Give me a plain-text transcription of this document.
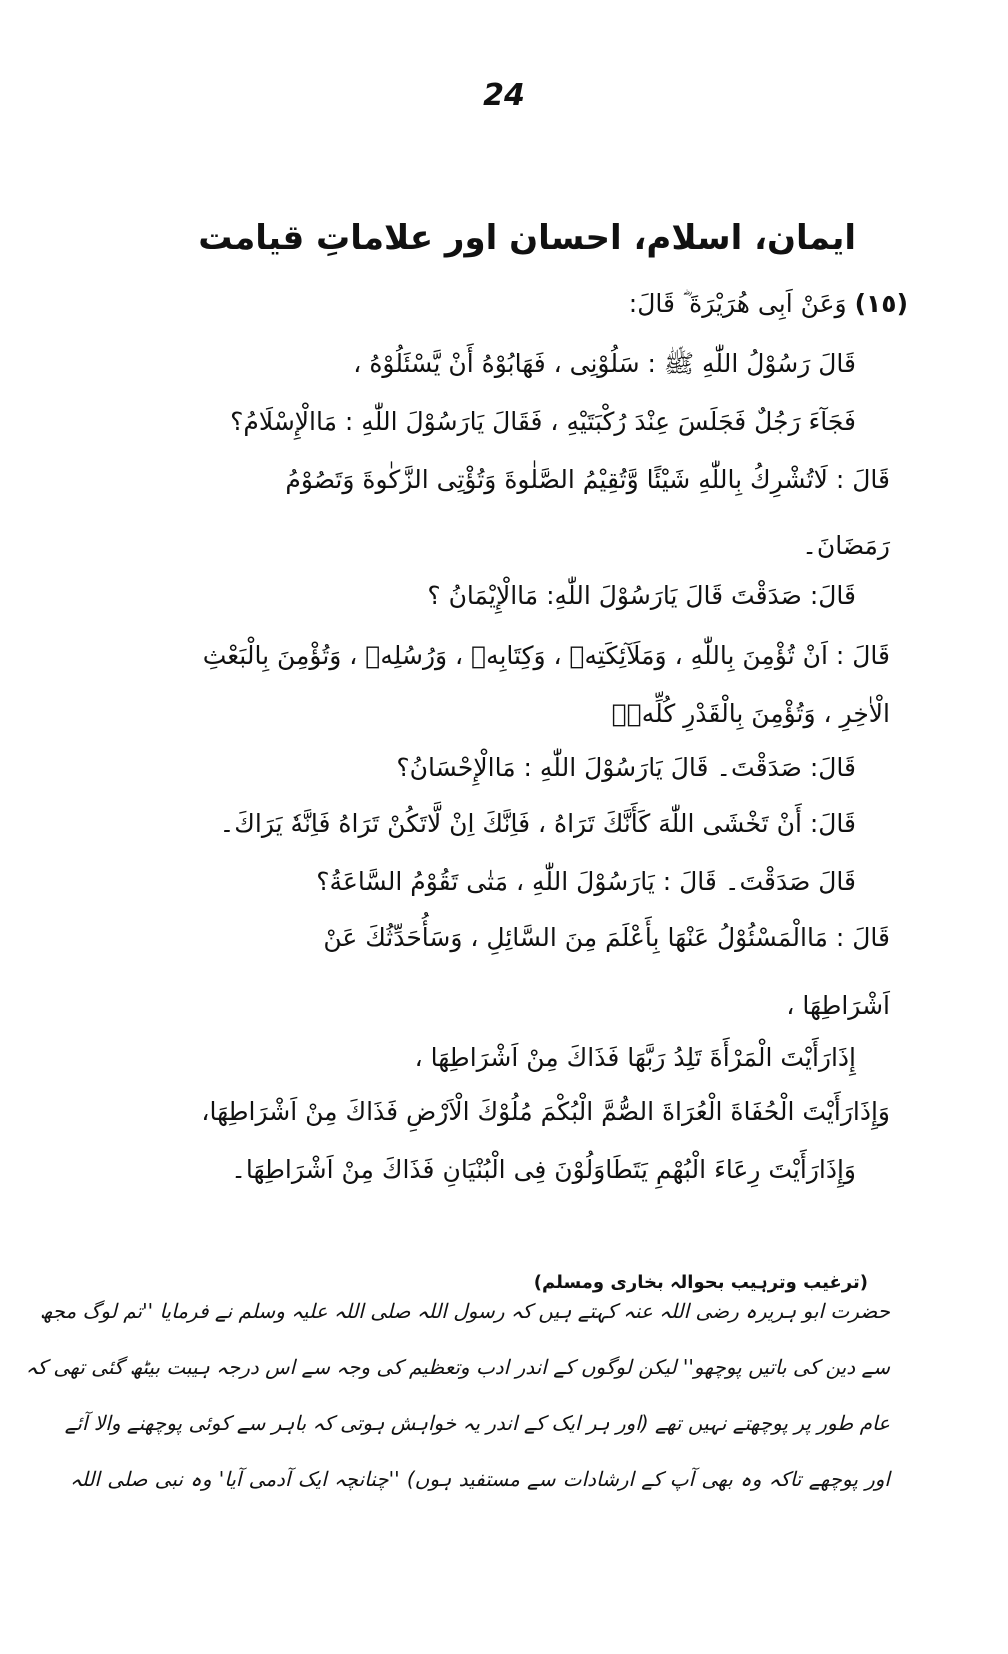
24
ایمان، اسلام، احسان اور علاماتِ قیامت
(١٥) وَعَنْ اَبِی هُرَیْرَةَ ؓ قَالَ:
قَالَ رَسُوْلُ اللّٰهِ ﷺ : سَلُوْنِی ، فَهَابُوْهُ أَنْ یَّسْئَلُوْهُ ،
فَجَآءَ رَجُلٌ فَجَلَسَ عِنْدَ رُكْبَتَیْهِ ، فَقَالَ یَارَسُوْلَ اللّٰهِ : مَاالْإِسْلَامُ؟
قَالَ : لَاتُشْرِكُ بِاللّٰهِ شَیْئًا وَّتُقِیْمُ الصَّلٰوةَ وَتُؤْتِی الزَّكٰوةَ وَتَصُوْمُ
رَمَضَانَ۔
قَالَ: صَدَقْتَ قَالَ یَارَسُوْلَ اللّٰهِ: مَاالْإِیْمَانُ ؟
قَالَ : اَنْ تُؤْمِنَ بِاللّٰهِ ، وَمَلَآئِكَتِهٖ ، وَكِتَابِهٖ ، وَرُسُلِهٖ ، وَتُؤْمِنَ بِالْبَعْثِ
الْاٰخِرِ ، وَتُؤْمِنَ بِالْقَدْرِ كُلِّهٖ۔
قَالَ: صَدَقْتَ۔ قَالَ یَارَسُوْلَ اللّٰهِ : مَاالْإِحْسَانُ؟
قَالَ: أَنْ تَخْشَى اللّٰهَ كَأَنَّكَ تَرَاهُ ، فَاِنَّكَ اِنْ لَّاتَكُنْ تَرَاهُ فَاِنَّهٗ یَرَاكَ۔
قَالَ صَدَقْتَ۔ قَالَ : یَارَسُوْلَ اللّٰهِ ، مَتٰى تَقُوْمُ السَّاعَةُ؟
قَالَ : مَاالْمَسْئُوْلُ عَنْهَا بِأَعْلَمَ مِنَ السَّائِلِ ، وَسَأُحَدِّثُكَ عَنْ
اَشْرَاطِهَا ،
إِذَارَأَیْتَ الْمَرْأَةَ تَلِدُ رَبَّهَا فَذَاكَ مِنْ اَشْرَاطِهَا ،
وَإِذَارَأَیْتَ الْحُفَاةَ الْعُرَاةَ الصُّمَّ الْبُكْمَ مُلُوْكَ الْاَرْضِ فَذَاكَ مِنْ اَشْرَاطِهَا،
وَإِذَارَأَیْتَ رِعَاءَ الْبُهْمِ یَتَطَاوَلُوْنَ فِی الْبُنْیَانِ فَذَاكَ مِنْ اَشْرَاطِهَا۔
(ترغیب وترہیب بحوالہ بخاری ومسلم)
حضرت ابو ہریرہ رضی اللہ عنہ کہتے ہیں کہ رسول اللہ صلی اللہ علیہ وسلم نے فرمایا ''تم لوگ مجھ
سے دین کی باتیں پوچھو'' لیکن لوگوں کے اندر ادب وتعظیم کی وجہ سے اس درجہ ہیبت بیٹھ گئی تھی کہ
عام طور پر پوچھتے نہیں تھے (اور ہر ایک کے اندر یہ خواہش ہوتی کہ باہر سے کوئی پوچھنے والا آئے
اور پوچھے تاکہ وہ بھی آپ کے ارشادات سے مستفید ہوں) ''چنانچہ ایک آدمی آیا' وہ نبی صلی اللہ
